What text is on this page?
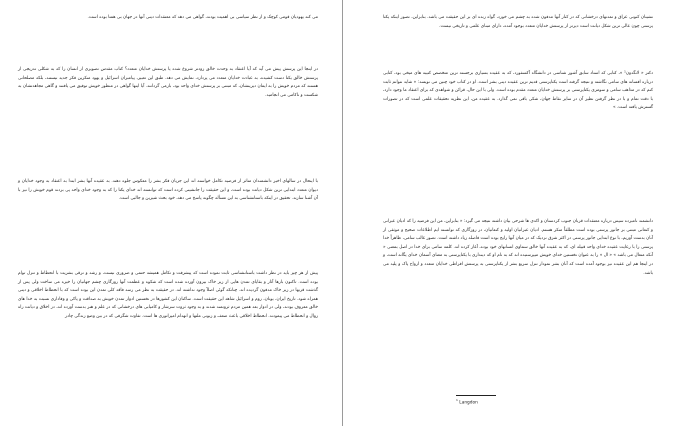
می کند یهودیان قومی کوچک و از نظر سیاسی بی اهمیت بودند، گواهی می دهد که معتقدات دینی آنها در جهان بی همتا بوده است.
در اینجا این پرسش پیش می آید که آیا اعتقاد به وحدت خالق زودتر شروع شده یا پرستش خدایان متعدد؟ کتاب مقدس تصویری از انسان را که به شکلی تدریجی از پرستش خالق یکتا دست کشیده، به عبادت خدایان متعدد می پردازد، نمایش می دهد. طبق این تعبیر، پیامبران اسرائیل و یهود منکرین فکر جدید نیستند، بلکه مصلحانی هستند که مردم خویش را به ایمان دیرینشان، که مبتنی بر پرستش خدای واحد بود، بازمی گردانند. آیا اینها گواهی در منظور خویش توفیق می یافتند و گاهی مجاهدتشان به شکست و ناکامی می انجامید.
با اینحال در سالهای اخیر دانشمندان متاثر از فرضیه تکامل خواسته اند این جریان فکر بشر را معکوس جلوه دهند. به عقیده آنها بشر ابتدا به اعتقاد به وجود خدایان و دیوان متعدد ابتدایی ترین شکل دیانت بوده است، و این حقیقت را جانشینی کرده است که توانسته اند خدای یکتا را که به وجود خدای واحد پی بردند قوم خویش را نیز با آن آشنا سازند. تحقیق در اینکه باستانشناسی به این مسأله چگونه پاسخ می دهد، خود بحث شیرین و جالبی است.
پیش از هر چیز باید در نظر داشت باستانشناسی ثابت نموده است که پیشرفت و تکامل همیشه حتمی و ضروری نیست، و رشد و ترقی بشریت با انحطاط و تنزل توام بوده است. تاکنون بارها آثار و بقایای تمدن هایی از زیر خاک بیرون آورده شده است که شکوه و عظمت آنها روزگاری چشم جهانیان را خیره می ساخت ولی پس از گذشت قرنها در زیر خاک مدفون گردیده اند. چنانکه گوئی اصلاً وجود نداشته اند. در حقیقت به نظر می رسد فاقد کلی تمدن این بوده است که با انحطاط اخلاقی و دینی همراه شود. تاریخ ایران، یونان، روم و اسرائیل شاهد این حقیقت است. ساکنان این کشورها در نخستین ادوار تمدن خویش به صداقت و پاکی و وفاداری نسبت به خدا های خالق معروف بودند، ولی در ادوار بعد همین مردم ثروتمند شدند و به وجود ثروت سرشار و کامیابی های درخشانی که در علم و هنر بدست آورده اند، در اخلاق و دیانت راه زوال و انحطاط می پیمودند. انحطاط اخلاقی باعث ضعف و زبونی ملتها و انهدام امپراتوری ها است. تفاوت شگرفی که در بین وضع زندگی چادر
نشینان کنونی عراق و تمدنهای درخشانی که در کنار آنها مدفون شده به چشم می خورد، گواه زنده ای بر این حقیقت می باشد. بنابراین، تصور اینکه یکتا پرستی چون عالی ترین شکل دیانت است دیرتر از پرستش خدایان متعدد بوجود آمده، دارای مبنای علمی و تاریخی نیست.
دکتر « لانگدون¹ »، کتابی که استاد سابق آشور شناسی در دانشگاه آکسفورد، که به عقیده بسیاری برجسته ترین متخصص کتیبه های میخی بود، کتابی درباره افسانه های سامی نگاشته و نتیجه گرفته است یکتاپرستی قدیم ترین عقیده دینی بشر است. او در کتاب خود چنین می نویسد: « شاید نتوانم ثابت کنم که در مذاهب سامی و سومری یکتاپرستی بر پرستش خدایان متعدد مقدم بوده است. ولی با این حال، قرائن و شواهدی که برای اعتقاد ما وجود دارد، با دقت تمام و با در نظر گرفتن نظیر آن در سایر نقاط جهان، شکی باقی نمی گذارد. به عقیده من، این نظریه تحقیقات علمی است که در تصورات گسترش یافته است. »
دانشمند نامبرده سپس درباره معتقدات قربان جنوب کردستان و اکدی ها شرحی بیان داشته نتیجه می گیرد: « بنابراین، من این فرضیه را که ادیان عبرانی و کنعانی مبتنی بر جانور پرستی بوده است مطلقاً منکر هستم. ادیان عبرانیان اولیه و کنعانیان، در روزگاری که توانسته ایم اطلاعات صحیح و موثقی از آنان بدست آوریم، با نوع ابتدایی جانور پرستی در اکثر شرق نزدیک که در میان آنها رایج بوده است فاصله زیاد داشته است. تصور غالب سامی، ظاهراً خدا پرستی را با رعایت عقیده خدای واحد قبیله ای، که به عقیده آنها خالق سماوی انسانهای خود بوده، آغاز کرده اند. کلمه سامی برای خدا در اصل بمعنی « آنکه متعال می باشد » « ال » را به عنوان نخستین خدای خویش میپرستیده اند که به نام او که دینداری با یکتاپرستی به معنای آسمان خدای یگانه است، و در اینجا هم این عقیده نیز بوجود آمده است که آنان بشر نمودار تنزل سریع بشر از یکتاپرستی به پرستش افراطی خدایان متعدد و ارواح پاک و پلید می باشد.
$^1$ Langdon
